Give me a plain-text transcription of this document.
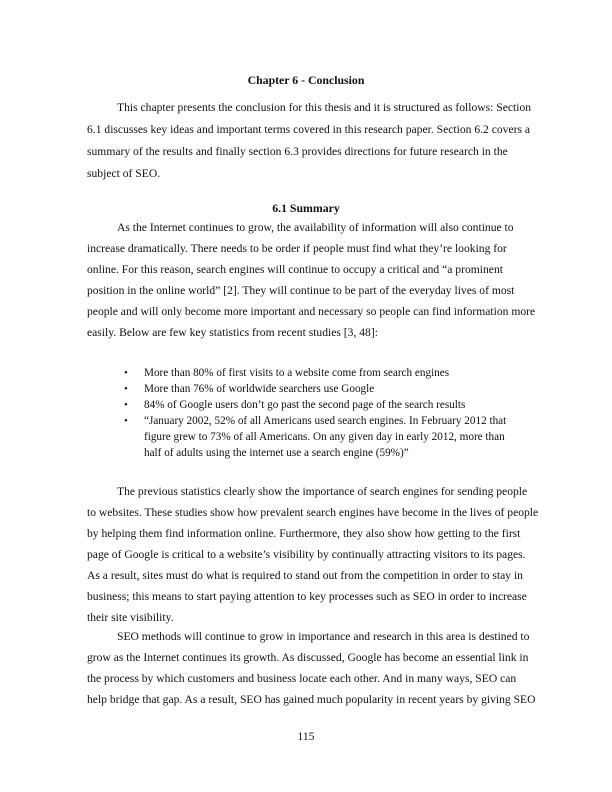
Chapter 6 - Conclusion
This chapter presents the conclusion for this thesis and it is structured as follows: Section
6.1 discusses key ideas and important terms covered in this research paper. Section 6.2 covers a
summary of the results and finally section 6.3 provides directions for future research in the
subject of SEO.
6.1 Summary
As the Internet continues to grow, the availability of information will also continue to
increase dramatically. There needs to be order if people must find what they’re looking for
online. For this reason, search engines will continue to occupy a critical and “a prominent
position in the online world” [2]. They will continue to be part of the everyday lives of most
people and will only become more important and necessary so people can find information more
easily. Below are few key statistics from recent studies [3, 48]:
• More than 80% of first visits to a website come from search engines
• More than 76% of worldwide searchers use Google
• 84% of Google users don’t go past the second page of the search results
• “January 2002, 52% of all Americans used search engines. In February 2012 that
figure grew to 73% of all Americans. On any given day in early 2012, more than
half of adults using the internet use a search engine (59%)”
The previous statistics clearly show the importance of search engines for sending people
to websites. These studies show how prevalent search engines have become in the lives of people
by helping them find information online. Furthermore, they also show how getting to the first
page of Google is critical to a website’s visibility by continually attracting visitors to its pages.
As a result, sites must do what is required to stand out from the competition in order to stay in
business; this means to start paying attention to key processes such as SEO in order to increase
their site visibility.
SEO methods will continue to grow in importance and research in this area is destined to
grow as the Internet continues its growth. As discussed, Google has become an essential link in
the process by which customers and business locate each other. And in many ways, SEO can
help bridge that gap. As a result, SEO has gained much popularity in recent years by giving SEO
115
